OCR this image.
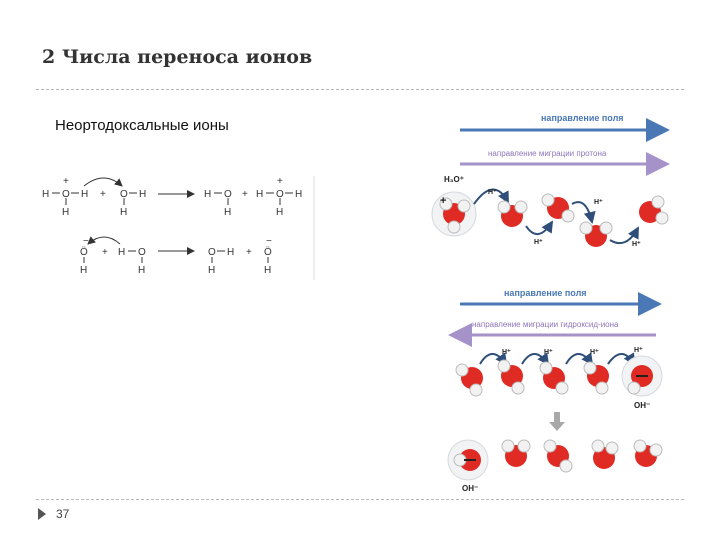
2 Числа переноса ионов
Неортодоксальные ионы
+
H O H
H
+ O H
H
H O
H
+
+
H O H
H
−
Ö
H
+ H O
H
O H
H
+
−
Ö
H
направление поля
направление миграции протона
H₃O⁺
+
H⁺
H⁺
H⁺
H⁺
направление поля
направление миграции гидроксид-иона
H⁺	H⁺	H⁺	H⁺
OH⁻
OH⁻
37
